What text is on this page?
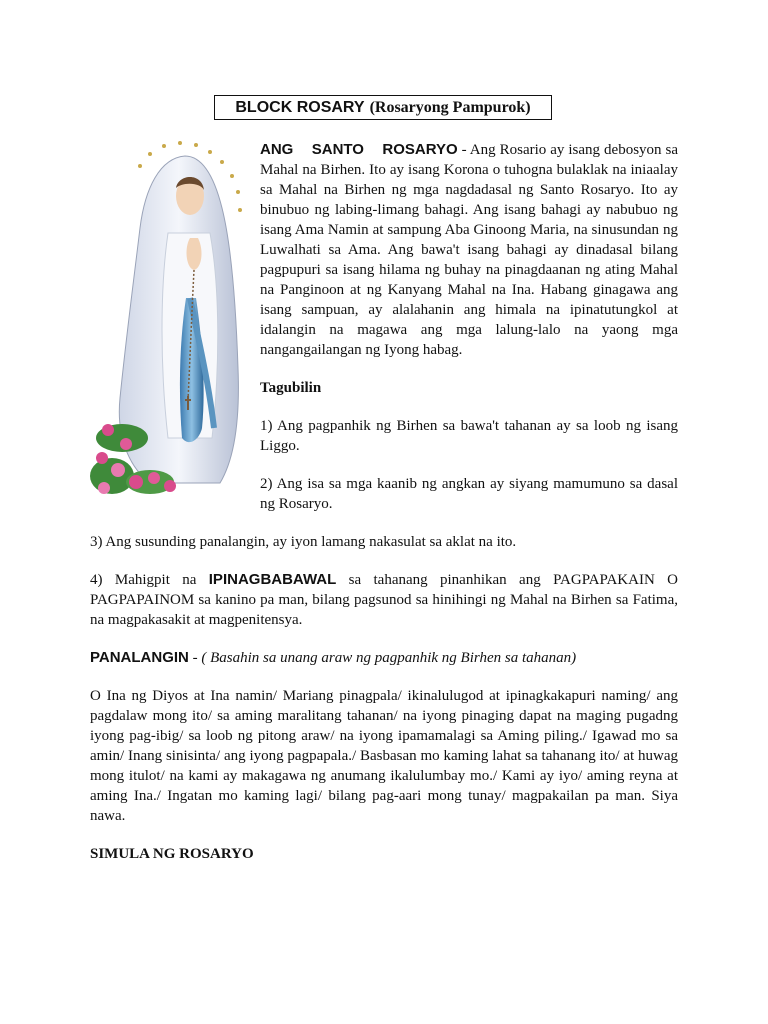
BLOCK ROSARY (Rosaryong Pampurok)

ANG SANTO ROSARYO - Ang Rosario ay isang debosyon sa Mahal na Birhen. Ito ay isang Korona o tuhogna bulaklak na iniaalay sa Mahal na Birhen ng mga nagdadasal ng Santo Rosaryo. Ito ay binubuo ng labing-limang bahagi. Ang isang bahagi ay nabubuo ng isang Ama Namin at sampung Aba Ginoong Maria, na sinusundan ng Luwalhati sa Ama. Ang bawa't isang bahagi ay dinadasal bilang pagpupuri sa isang hilama ng buhay na pinagdaanan ng ating Mahal na Panginoon at ng Kanyang Mahal na Ina. Habang ginagawa ang isang sampuan, ay alalahanin ang himala na ipinatutungkol at idalangin na magawa ang mga lalung-lalo na yaong mga nangangailangan ng Iyong habag.

Tagubilin

1) Ang pagpanhik ng Birhen sa bawa't tahanan ay sa loob ng isang Liggo.

2) Ang isa sa mga kaanib ng angkan ay siyang mamumuno sa dasal ng Rosaryo.

3) Ang susunding panalangin, ay iyon lamang nakasulat sa aklat na ito.

4) Mahigpit na IPINAGBABAWAL sa tahanang pinanhikan ang PAGPAPAKAIN O PAGPAPAINOM sa kanino pa man, bilang pagsunod sa hinihingi ng Mahal na Birhen sa Fatima, na magpakasakit at magpenitensya.

PANALANGIN - ( Basahin sa unang araw ng pagpanhik ng Birhen sa tahanan)

O Ina ng Diyos at Ina namin/ Mariang pinagpala/ ikinalulugod at ipinagkakapuri naming/ ang pagdalaw mong ito/ sa aming maralitang tahanan/ na iyong pinaging dapat na maging pugadng iyong pag-ibig/ sa loob ng pitong araw/ na iyong ipamamalagi sa Aming piling./ Igawad mo sa amin/ Inang sinisinta/ ang iyong pagpapala./ Basbasan mo kaming lahat sa tahanang ito/ at huwag mong itulot/ na kami ay makagawa ng anumang ikalulumbay mo./ Kami ay iyo/ aming reyna at aming Ina./ Ingatan mo kaming lagi/ bilang pag-aari mong tunay/ magpakailan pa man. Siya nawa.

SIMULA NG ROSARYO
